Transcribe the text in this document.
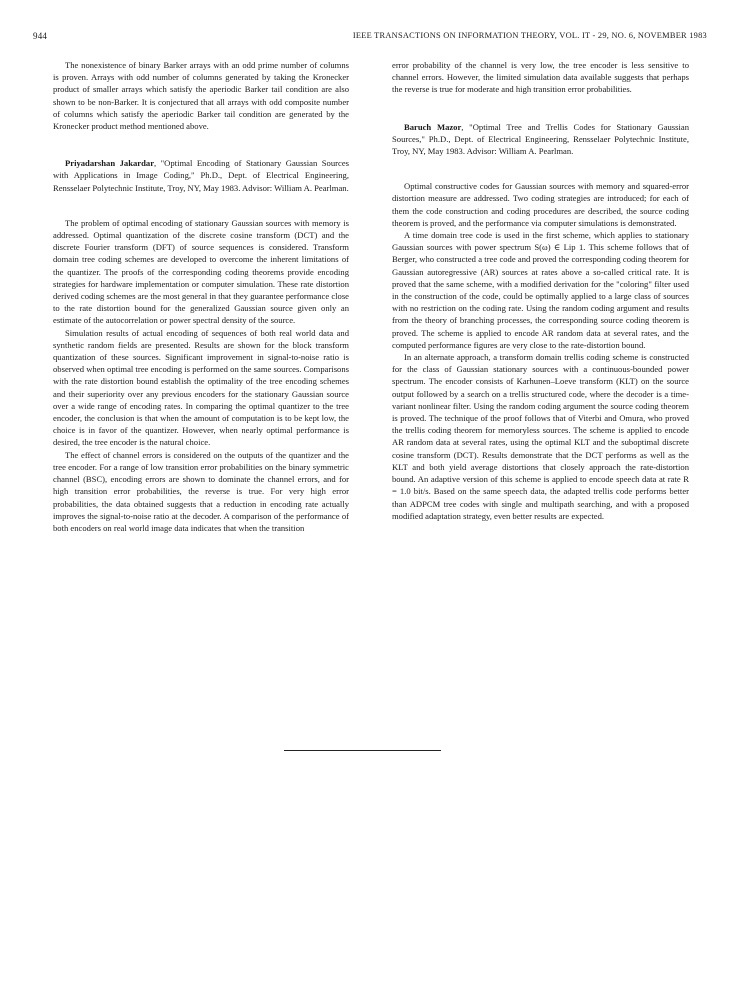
944	IEEE TRANSACTIONS ON INFORMATION THEORY, VOL. IT - 29, NO. 6, NOVEMBER 1983

The nonexistence of binary Barker arrays with an odd prime number of columns is proven. Arrays with odd number of columns generated by taking the Kronecker product of smaller arrays which satisfy the aperiodic Barker tail condition are also shown to be non-Barker. It is conjectured that all arrays with odd composite number of columns which satisfy the aperiodic Barker tail condition are generated by the Kronecker product method mentioned above.

Priyadarshan Jakardar, "Optimal Encoding of Stationary Gaussian Sources with Applications in Image Coding," Ph.D., Dept. of Electrical Engineering, Rensselaer Polytechnic Institute, Troy, NY, May 1983. Advisor: William A. Pearlman.

The problem of optimal encoding of stationary Gaussian sources with memory is addressed. Optimal quantization of the discrete cosine transform (DCT) and the discrete Fourier transform (DFT) of source sequences is considered. Transform domain tree coding schemes are developed to overcome the inherent limitations of the quantizer. The proofs of the corresponding coding theorems provide encoding strategies for hardware implementation or computer simulation. These rate distortion derived coding schemes are the most general in that they guarantee performance close to the rate distortion bound for the generalized Gaussian source given only an estimate of the autocorrelation or power spectral density of the source.

Simulation results of actual encoding of sequences of both real world data and synthetic random fields are presented. Results are shown for the block transform quantization of these sources. Significant improvement in signal-to-noise ratio is observed when optimal tree encoding is performed on the same sources. Comparisons with the rate distortion bound establish the optimality of the tree encoding schemes and their superiority over any previous encoders for the stationary Gaussian source over a wide range of encoding rates. In comparing the optimal quantizer to the tree encoder, the conclusion is that when the amount of computation is to be kept low, the choice is in favor of the quantizer. However, when nearly optimal performance is desired, the tree encoder is the natural choice.

The effect of channel errors is considered on the outputs of the quantizer and the tree encoder. For a range of low transition error probabilities on the binary symmetric channel (BSC), encoding errors are shown to dominate the channel errors, and for high transition error probabilities, the reverse is true. For very high error probabilities, the data obtained suggests that a reduction in encoding rate actually improves the signal-to-noise ratio at the decoder. A comparison of the performance of both encoders on real world image data indicates that when the transition

error probability of the channel is very low, the tree encoder is less sensitive to channel errors. However, the limited simulation data available suggests that perhaps the reverse is true for moderate and high transition error probabilities.

Baruch Mazor, "Optimal Tree and Trellis Codes for Stationary Gaussian Sources," Ph.D., Dept. of Electrical Engineering, Rensselaer Polytechnic Institute, Troy, NY, May 1983. Advisor: William A. Pearlman.

Optimal constructive codes for Gaussian sources with memory and squared-error distortion measure are addressed. Two coding strategies are introduced; for each of them the code construction and coding procedures are described, the source coding theorem is proved, and the performance via computer simulations is demonstrated.

A time domain tree code is used in the first scheme, which applies to stationary Gaussian sources with power spectrum S(ω) ∈ Lip 1. This scheme follows that of Berger, who constructed a tree code and proved the corresponding coding theorem for Gaussian autoregressive (AR) sources at rates above a so-called critical rate. It is proved that the same scheme, with a modified derivation for the "coloring" filter used in the construction of the code, could be optimally applied to a large class of sources with no restriction on the coding rate. Using the random coding argument and results from the theory of branching processes, the corresponding source coding theorem is proved. The scheme is applied to encode AR random data at several rates, and the computed performance figures are very close to the rate-distortion bound.

In an alternate approach, a transform domain trellis coding scheme is constructed for the class of Gaussian stationary sources with a continuous-bounded power spectrum. The encoder consists of Karhunen–Loeve transform (KLT) on the source output followed by a search on a trellis structured code, where the decoder is a time-variant nonlinear filter. Using the random coding argument the source coding theorem is proved. The technique of the proof follows that of Viterbi and Omura, who proved the trellis coding theorem for memoryless sources. The scheme is applied to encode AR random data at several rates, using the optimal KLT and the suboptimal discrete cosine transform (DCT). Results demonstrate that the DCT performs as well as the KLT and both yield average distortions that closely approach the rate-distortion bound. An adaptive version of this scheme is applied to encode speech data at rate R = 1.0 bit/s. Based on the same speech data, the adapted trellis code performs better than ADPCM tree codes with single and multipath searching, and with a proposed modified adaptation strategy, even better results are expected.
